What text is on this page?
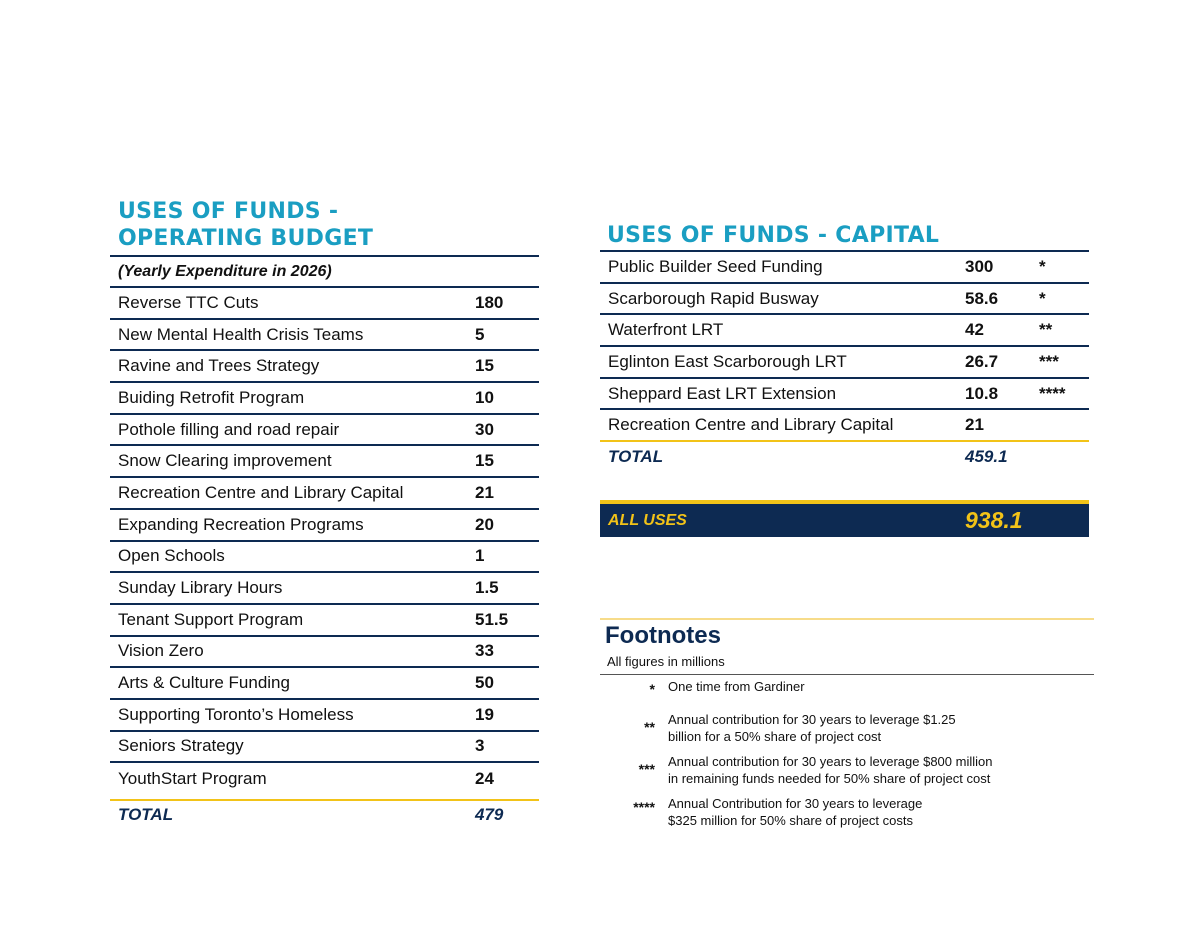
USES OF FUNDS -
OPERATING BUDGET
(Yearly Expenditure in 2026)
Reverse TTC Cuts	180
New Mental Health Crisis Teams	5
Ravine and Trees Strategy	15
Buiding Retrofit Program	10
Pothole filling and road repair	30
Snow Clearing improvement	15
Recreation Centre and Library Capital	21
Expanding Recreation Programs	20
Open Schools	1
Sunday Library Hours	1.5
Tenant Support Program	51.5
Vision Zero	33
Arts & Culture Funding	50
Supporting Toronto’s Homeless	19
Seniors Strategy	3
YouthStart Program	24
TOTAL	479
USES OF FUNDS - CAPITAL
Public Builder Seed Funding	300	*
Scarborough Rapid Busway	58.6	*
Waterfront LRT	42	**
Eglinton East Scarborough LRT	26.7	***
Sheppard East LRT Extension	10.8	****
Recreation Centre and Library Capital	21
TOTAL	459.1
ALL USES	938.1
Footnotes
All figures in millions
* One time from Gardiner
** Annual contribution for 30 years to leverage $1.25
billion for a 50% share of project cost
*** Annual contribution for 30 years to leverage $800 million
in remaining funds needed for 50% share of project cost
**** Annual Contribution for 30 years to leverage
$325 million for 50% share of project costs
